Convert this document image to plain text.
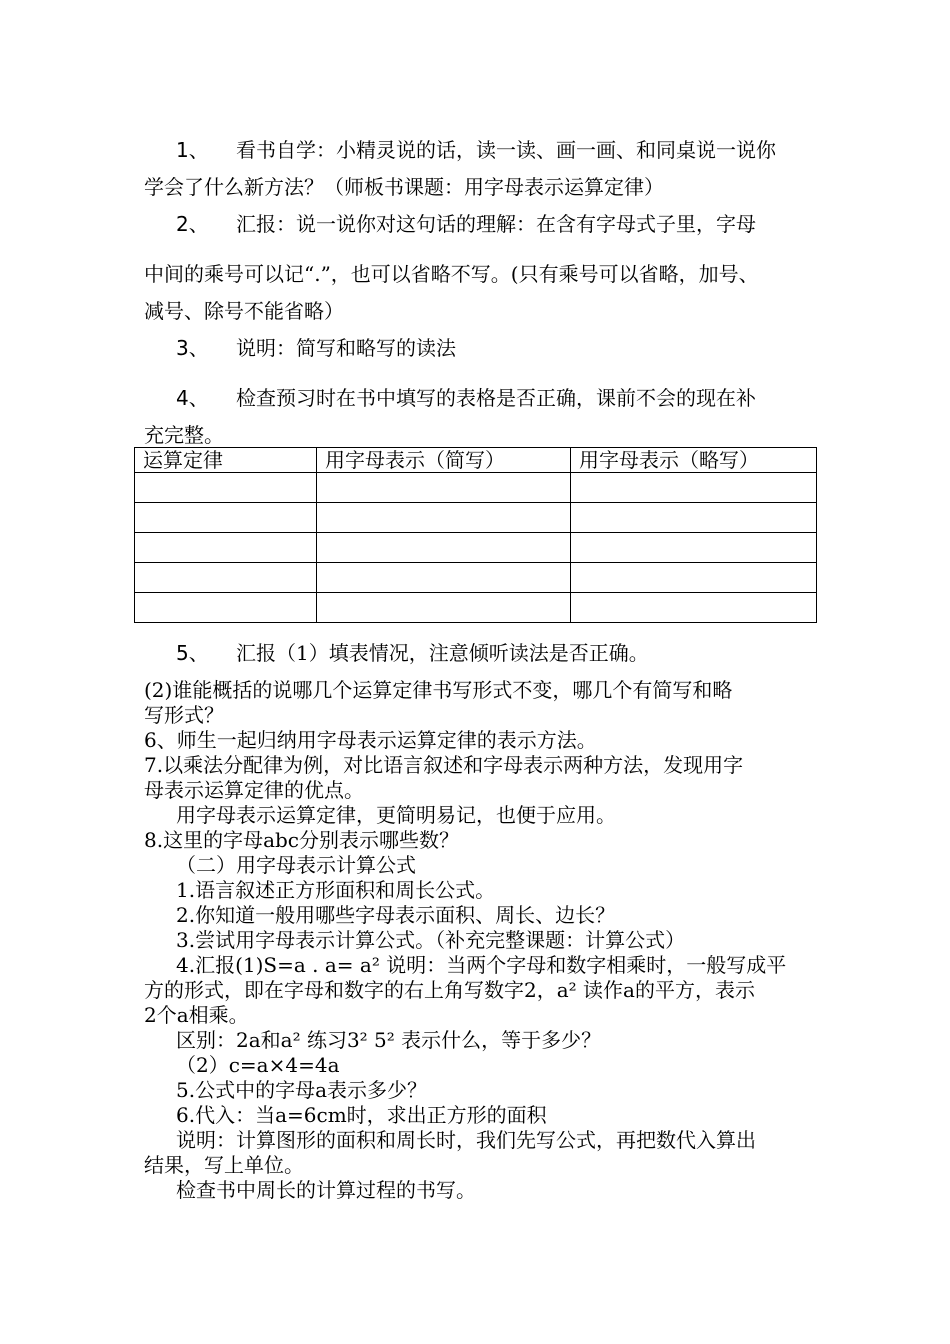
1、 看书自学：小精灵说的话，读一读、画一画、和同桌说一说你
学会了什么新方法？（师板书课题：用字母表示运算定律）
2、 汇报：说一说你对这句话的理解：在含有字母式子里，字母
中间的乘号可以记“.”，也可以省略不写。(只有乘号可以省略，加号、
减号、除号不能省略）
3、 说明：简写和略写的读法
4、 检查预习时在书中填写的表格是否正确，课前不会的现在补
充完整。
运算定律	用字母表示（简写）	用字母表示（略写）

5、 汇报（1）填表情况，注意倾听读法是否正确。
(2)谁能概括的说哪几个运算定律书写形式不变，哪几个有简写和略
写形式？
6、师生一起归纳用字母表示运算定律的表示方法。
7.以乘法分配律为例，对比语言叙述和字母表示两种方法，发现用字
母表示运算定律的优点。
用字母表示运算定律，更简明易记，也便于应用。
8.这里的字母abc分别表示哪些数？
（二）用字母表示计算公式
1.语言叙述正方形面积和周长公式。
2.你知道一般用哪些字母表示面积、周长、边长？
3.尝试用字母表示计算公式。（补充完整课题：计算公式）
4.汇报(1)S=a . a= a² 说明：当两个字母和数字相乘时，一般写成平
方的形式，即在字母和数字的右上角写数字2，a² 读作a的平方，表示
2个a相乘。
区别：2a和a² 练习3² 5² 表示什么，等于多少？
（2）c=a×4=4a
5.公式中的字母a表示多少？
6.代入：当a=6cm时，求出正方形的面积
说明：计算图形的面积和周长时，我们先写公式，再把数代入算出
结果，写上单位。
检查书中周长的计算过程的书写。
